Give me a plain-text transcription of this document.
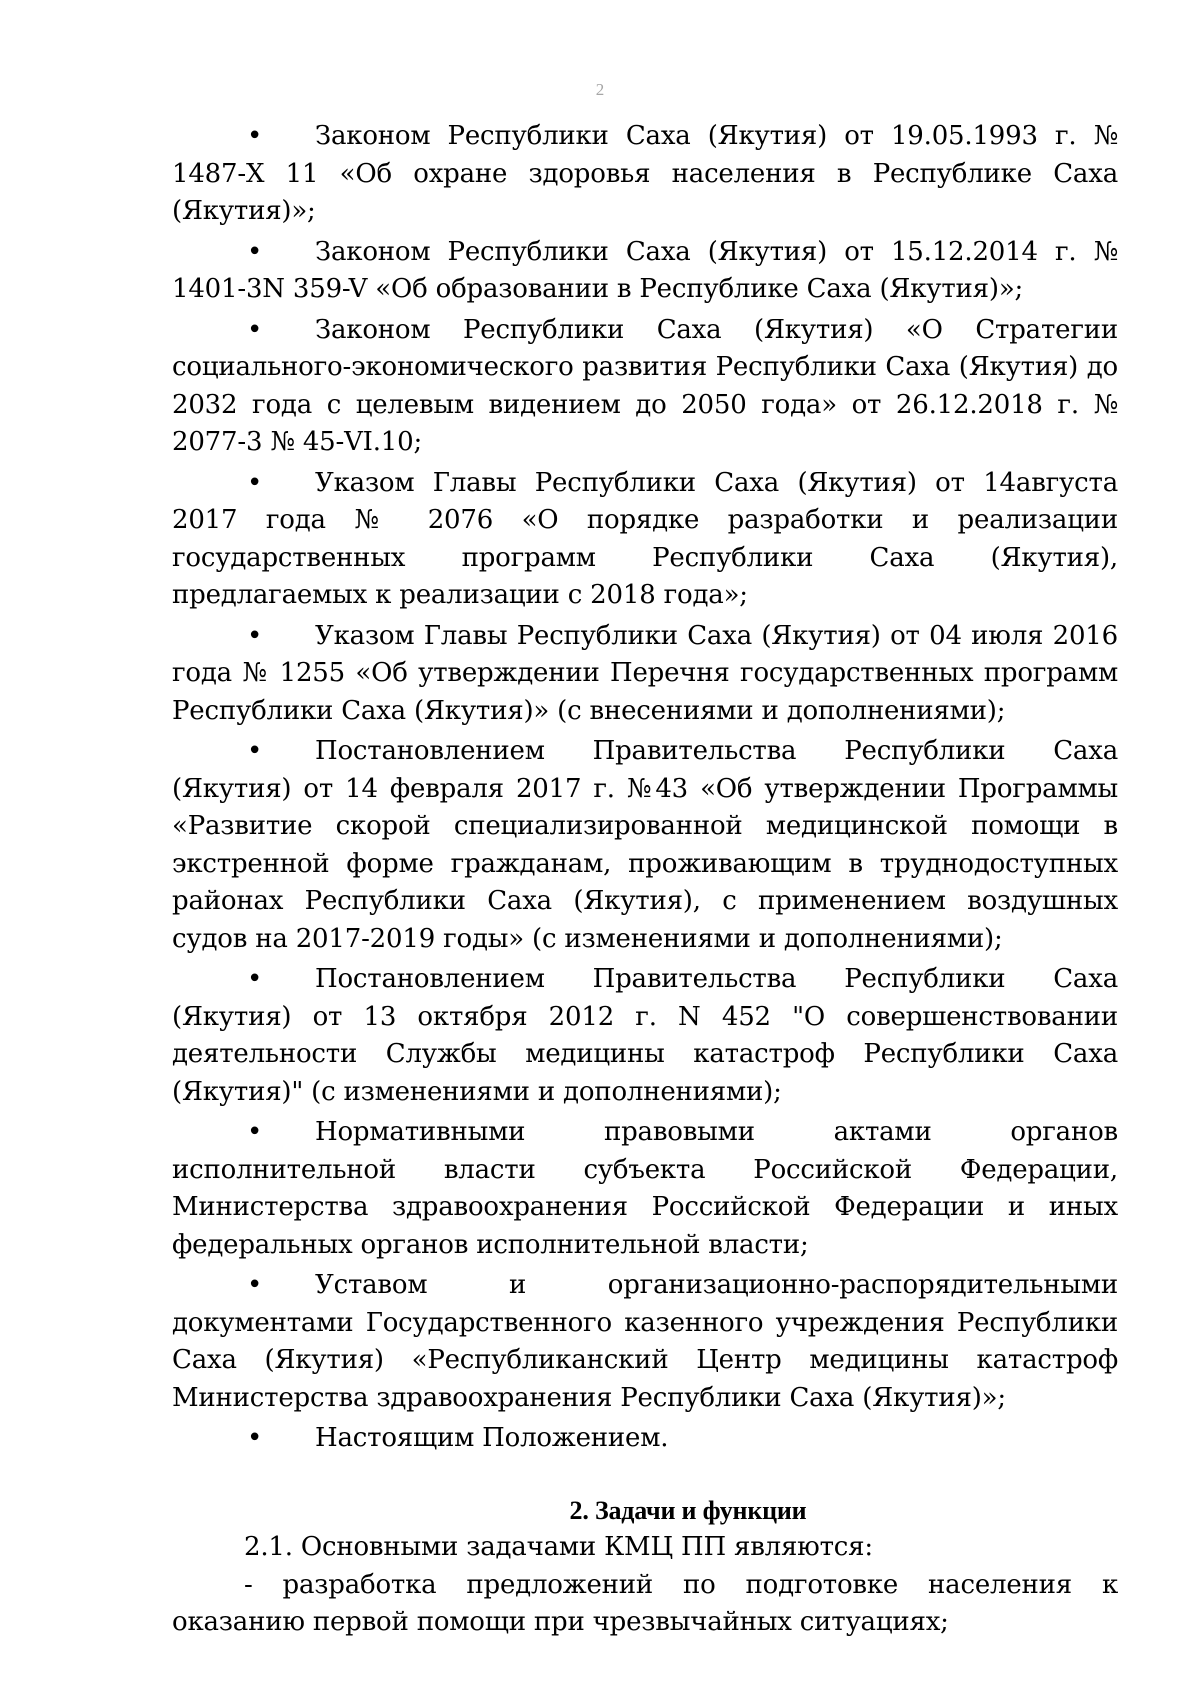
2
• Законом Республики Саха (Якутия) от 19.05.1993 г. № 1487-Х 11 «Об охране здоровья населения в Республике Саха (Якутия)»;
• Законом Республики Саха (Якутия) от 15.12.2014 г. № 1401-3N 359-V «Об образовании в Республике Саха (Якутия)»;
• Законом Республики Саха (Якутия) «О Стратегии социального-экономического развития Республики Саха (Якутия) до 2032 года с целевым видением до 2050 года» от 26.12.2018 г. № 2077-3 № 45-VI.10;
• Указом Главы Республики Саха (Якутия) от 14августа 2017 года № 2076 «О порядке разработки и реализации государственных программ Республики Саха (Якутия), предлагаемых к реализации с 2018 года»;
• Указом Главы Республики Саха (Якутия) от 04 июля 2016 года № 1255 «Об утверждении Перечня государственных программ Республики Саха (Якутия)» (с внесениями и дополнениями);
• Постановлением Правительства Республики Саха (Якутия) от 14 февраля 2017 г. №43 «Об утверждении Программы «Развитие скорой специализированной медицинской помощи в экстренной форме гражданам, проживающим в труднодоступных районах Республики Саха (Якутия), с применением воздушных судов на 2017-2019 годы» (с изменениями и дополнениями);
• Постановлением Правительства Республики Саха (Якутия) от 13 октября 2012 г. N 452 "О совершенствовании деятельности Службы медицины катастроф Республики Саха (Якутия)" (с изменениями и дополнениями);
• Нормативными правовыми актами органов исполнительной власти субъекта Российской Федерации, Министерства здравоохранения Российской Федерации и иных федеральных органов исполнительной власти;
• Уставом и организационно-распорядительными документами Государственного казенного учреждения Республики Саха (Якутия) «Республиканский Центр медицины катастроф Министерства здравоохранения Республики Саха (Якутия)»;
• Настоящим Положением.
2. Задачи и функции
2.1. Основными задачами КМЦ ПП являются:
- разработка предложений по подготовке населения к оказанию первой помощи при чрезвычайных ситуациях;
